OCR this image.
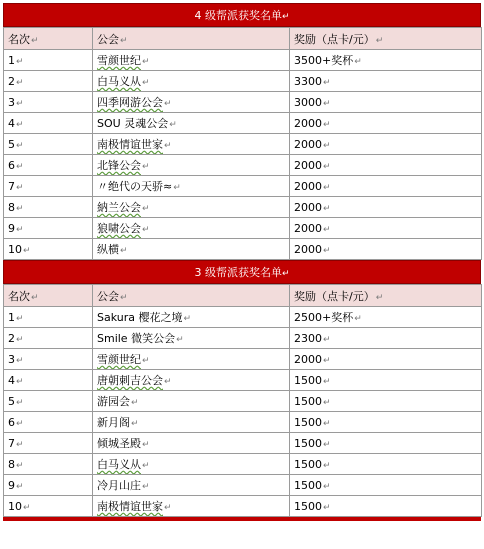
4 级帮派获奖名单↵
名次↵	公会↵	奖励（点卡/元）↵
1↵	雪颜世纪↵	3500+奖杯↵
2↵	白马义从↵	3300↵
3↵	四季网游公会↵	3000↵
4↵	SOU 灵魂公会↵	2000↵
5↵	南极情谊世家↵	2000↵
6↵	北锋公会↵	2000↵
7↵	〃绝代の天骄≈↵	2000↵
8↵	納兰公会↵	2000↵
9↵	狼啸公会↵	2000↵
10↵	纵横↵	2000↵
3 级帮派获奖名单↵
名次↵	公会↵	奖励（点卡/元）↵
1↵	Sakura 樱花之境↵	2500+奖杯↵
2↵	Smile 微笑公会↵	2300↵
3↵	雪颜世纪↵	2000↵
4↵	唐朝刺吉公会↵	1500↵
5↵	游园会↵	1500↵
6↵	新月阁↵	1500↵
7↵	倾城圣殿↵	1500↵
8↵	白马义从↵	1500↵
9↵	冷月山庄↵	1500↵
10↵	南极情谊世家↵	1500↵
